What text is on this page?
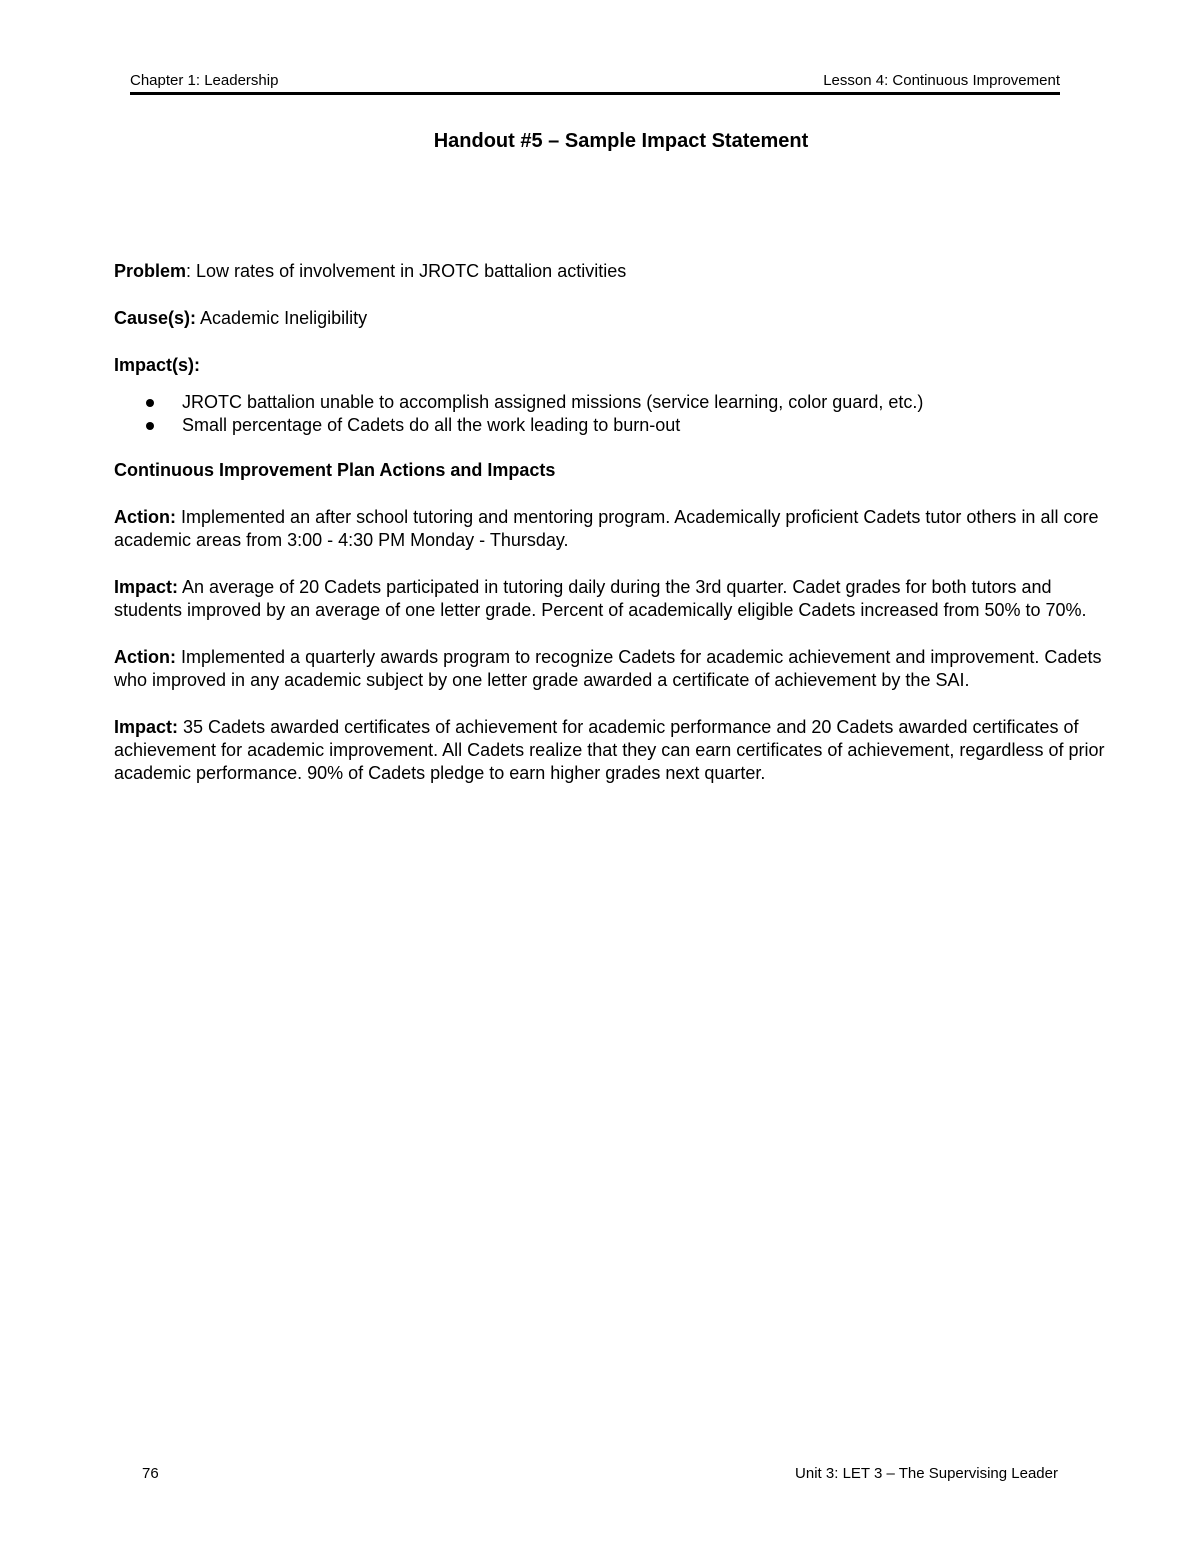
Chapter 1: Leadership	Lesson 4: Continuous Improvement
Handout #5 – Sample Impact Statement

Problem: Low rates of involvement in JROTC battalion activities

Cause(s): Academic Ineligibility

Impact(s):

JROTC battalion unable to accomplish assigned missions (service learning, color guard, etc.)
Small percentage of Cadets do all the work leading to burn-out

Continuous Improvement Plan Actions and Impacts

Action: Implemented an after school tutoring and mentoring program. Academically proficient Cadets tutor others in all core academic areas from 3:00 - 4:30 PM Monday - Thursday.

Impact: An average of 20 Cadets participated in tutoring daily during the 3rd quarter. Cadet grades for both tutors and students improved by an average of one letter grade. Percent of academically eligible Cadets increased from 50% to 70%.

Action: Implemented a quarterly awards program to recognize Cadets for academic achievement and improvement. Cadets who improved in any academic subject by one letter grade awarded a certificate of achievement by the SAI.

Impact: 35 Cadets awarded certificates of achievement for academic performance and 20 Cadets awarded certificates of achievement for academic improvement. All Cadets realize that they can earn certificates of achievement, regardless of prior academic performance. 90% of Cadets pledge to earn higher grades next quarter.

76	Unit 3: LET 3 – The Supervising Leader
